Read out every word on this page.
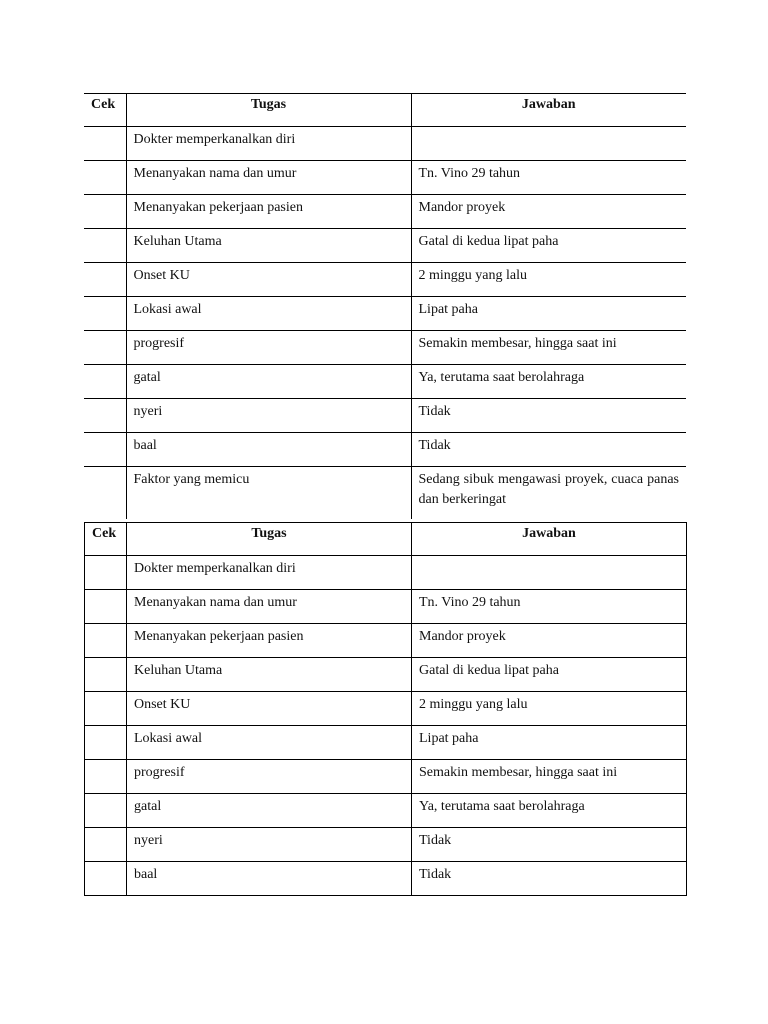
Cek	Tugas	Jawaban
	Dokter memperkanalkan diri	
	Menanyakan nama dan umur	Tn. Vino 29 tahun
	Menanyakan pekerjaan pasien	Mandor proyek
	Keluhan Utama	Gatal di kedua lipat paha
	Onset KU	2 minggu yang lalu
	Lokasi awal	Lipat paha
	progresif	Semakin membesar, hingga saat ini
	gatal	Ya, terutama saat berolahraga
	nyeri	Tidak
	baal	Tidak
	Faktor yang memicu	Sedang sibuk mengawasi proyek, cuaca panas dan berkeringat
Cek	Tugas	Jawaban
	Dokter memperkanalkan diri	
	Menanyakan nama dan umur	Tn. Vino 29 tahun
	Menanyakan pekerjaan pasien	Mandor proyek
	Keluhan Utama	Gatal di kedua lipat paha
	Onset KU	2 minggu yang lalu
	Lokasi awal	Lipat paha
	progresif	Semakin membesar, hingga saat ini
	gatal	Ya, terutama saat berolahraga
	nyeri	Tidak
	baal	Tidak
